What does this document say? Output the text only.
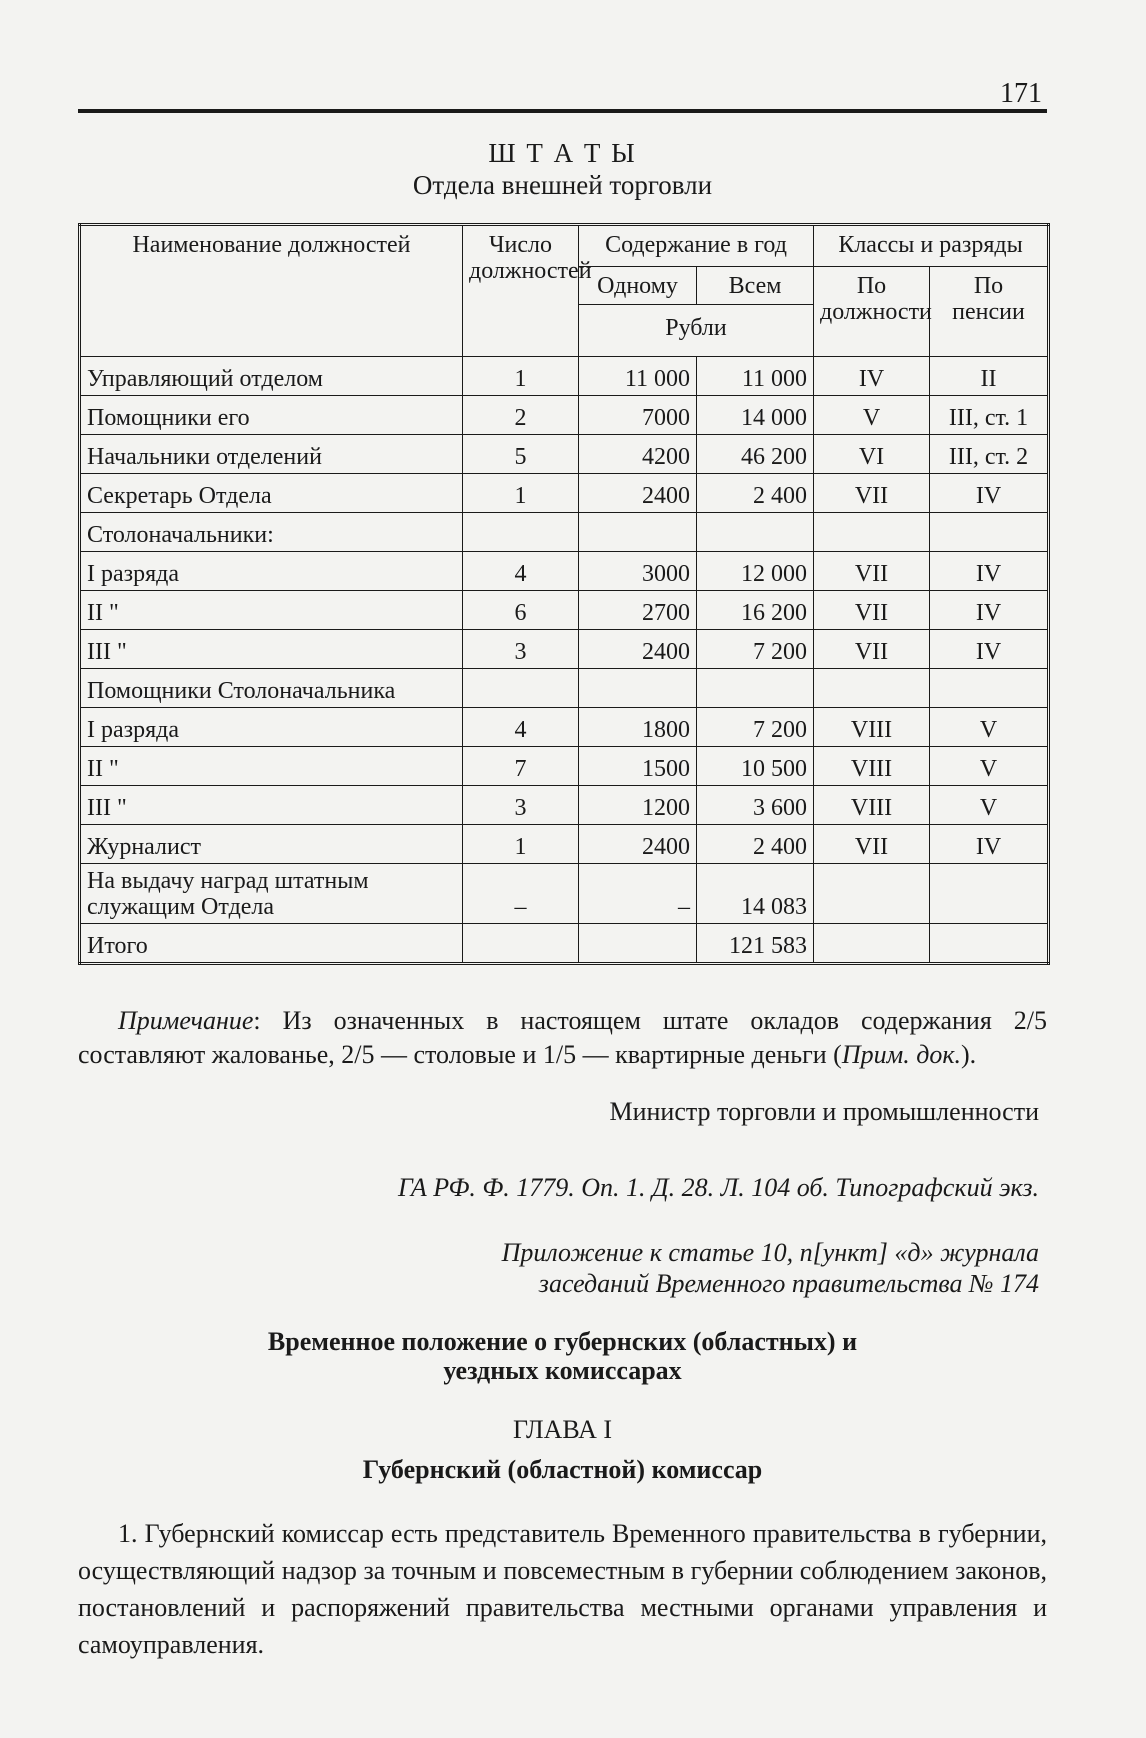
171
Ш Т А Т Ы
Отдела внешней торговли
Наименование должностей	Число должностей	Содержание в год		Классы и разряды	
		Одному	Всем	По должности	По пенсии
		Рубли			
Управляющий отделом	1	11 000	11 000	IV	II
Помощники его	2	7000	14 000	V	III, ст. 1
Начальники отделений	5	4200	46 200	VI	III, ст. 2
Секретарь Отдела	1	2400	2 400	VII	IV
Столоначальники:					
I разряда	4	3000	12 000	VII	IV
II "	6	2700	16 200	VII	IV
III "	3	2400	7 200	VII	IV
Помощники Столоначальника					
I разряда	4	1800	7 200	VIII	V
II "	7	1500	10 500	VIII	V
III "	3	1200	3 600	VIII	V
Журналист	1	2400	2 400	VII	IV
На выдачу наград штатным служащим Отдела	–	–	14 083		
Итого			121 583		
Примечание: Из означенных в настоящем штате окладов содержания 2/5 составляют жалованье, 2/5 — столовые и 1/5 — квартирные деньги (Прим. док.).
Министр торговли и промышленности
ГА РФ. Ф. 1779. Оп. 1. Д. 28. Л. 104 об. Типографский экз.
Приложение к статье 10, п[ункт] «д» журнала
заседаний Временного правительства № 174
Временное положение о губернских (областных) и
уездных комиссарах
ГЛАВА I
Губернский (областной) комиссар
1. Губернский комиссар есть представитель Временного правительства в губернии, осуществляющий надзор за точным и повсеместным в губернии соблюдением законов, постановлений и распоряжений правительства местными органами управления и самоуправления.
